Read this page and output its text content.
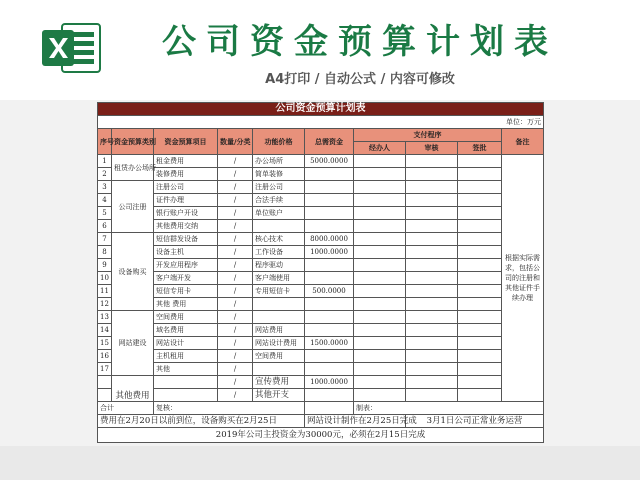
公司资金预算计划表
A4打印 / 自动公式 / 内容可修改
公司资金预算计划表									
单位：万元									
序号	资金预算类别	资金预算项目	数量/分类	功能价格	总需资金	支付程序			备注
						经办人	审核	签批	
1	租赁办公场所	租金费用	/	办公场所	5000.0000				根据实际需求，包括公司的注册和其他证件手续办理
2		装修费用	/	简单装修					
3	公司注册	注册公司	/	注册公司					
4		证件办理	/	合法手续					
5		银行账户开设	/	单位账户					
6		其他费用交纳	/						
7	设备购买	短信群发设备	/	核心技术	8000.0000				
8		设备主机	/	工作设备	1000.0000				
9		开发应用程序	/	程序驱动					
10		客户端开发	/	客户端使用					
11		短信专用卡	/	专用短信卡	500.0000				
12		其他 费用	/						
13	网站建设	空间费用	/						
14		域名费用	/	网站费用					
15		网站设计	/	网站设计费用	1500.0000				
16		主机租用	/	空间费用					
17		其他	/						
	其他费用		/	宣传费用	1000.0000				
			/	其他开支					
合计		复核：				制表：			
费用在2月20日以前到位，设备购买在2月25日					网站设计制作在2月25日完成		3月1日公司正常业务运营		
2019年公司主投资金为30000元，必须在2月15日完成									
